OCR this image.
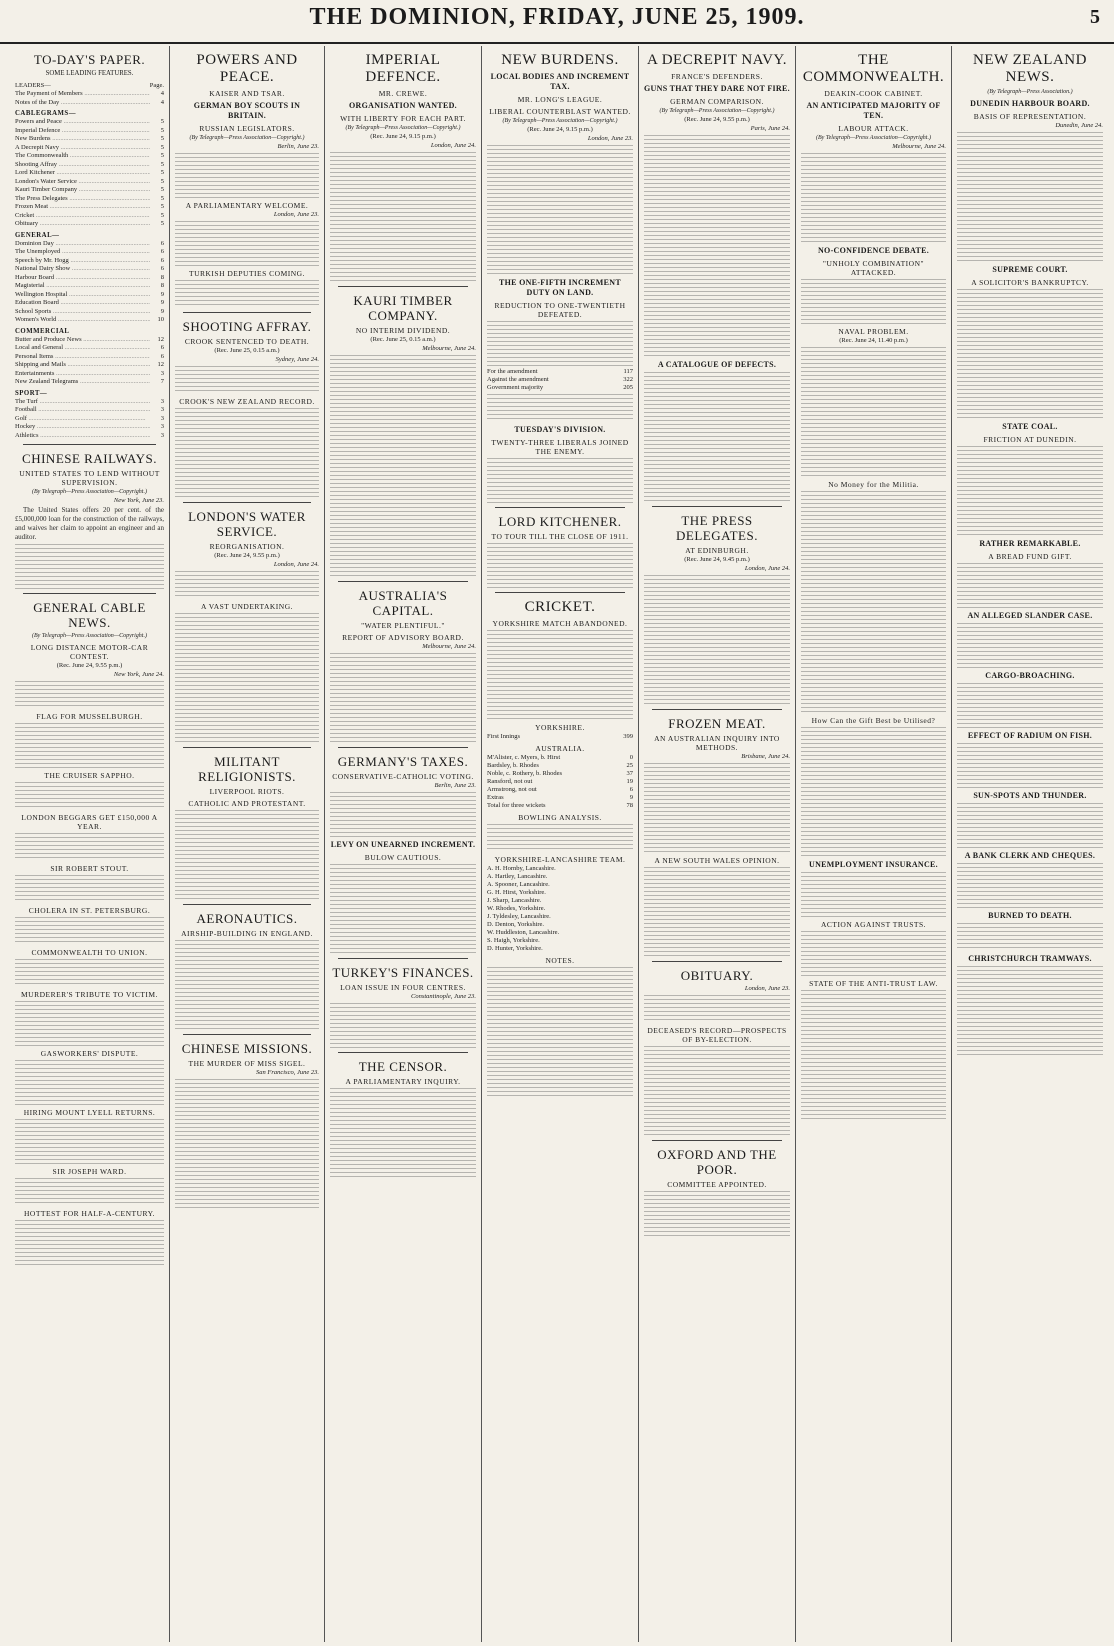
THE DOMINION, FRIDAY, JUNE 25, 1909.	5
TO-DAY'S PAPER.
SOME LEADING FEATURES.
LEADERS—	Page.
The Payment of Members .....	4
Notes of the Day .....	4
CABLEGRAMS—
Powers and Peace .....	5
Imperial Defence .....	5
New Burdens .....	5
A Decrepit Navy .....	5
The Commonwealth .....	5
Shooting Affray .....	5
Lord Kitchener .....	5
London's Water Service .....	5
Kauri Timber Company .....	5
The Press Delegates .....	5
Frozen Meat .....	5
Cricket .....	5
Obituary .....	5
GENERAL—
Dominion Day .....	6
The Unemployed .....	6
Speech by Mr. Hogg .....	6
National Dairy Show .....	6
Harbour Board .....	8
Magisterial .....	8
Wellington Hospital .....	9
Education Board .....	9
School Sports .....	9
Women's World .....	10
COMMERCIAL
Butter and Produce News .....	12
Local and General .....	6
Personal Items .....	6
Shipping and Mails .....	12
Entertainments .....	3
New Zealand Telegrams .....	7
SPORT—
The Turf .....	3
Football .....	3
Golf .....	3
Hockey .....	3
Athletics .....	3
CHINESE RAILWAYS.
UNITED STATES TO LEND WITHOUT SUPERVISION.
(By Telegraph—Press Association—Copyright.)
New York, June 23.

The United States offers 20 per cent. of the £5,000,000 loan for the construction of the railways, and waives her claim to appoint an engineer and an auditor.

GENERAL CABLE NEWS.
(By Telegraph—Press Association—Copyright.)
LONG DISTANCE MOTOR-CAR CONTEST.
(Rec. June 24, 9.55 p.m.)
New York, June 24.
FLAG FOR MUSSELBURGH.
THE CRUISER SAPPHO.
LONDON BEGGARS GET £150,000 A YEAR.
SIR ROBERT STOUT.
CHOLERA IN ST. PETERSBURG.
COMMONWEALTH TO UNION.
MURDERER'S TRIBUTE TO VICTIM.
GASWORKERS' DISPUTE.
HIRING MOUNT LYELL RETURNS.
SIR JOSEPH WARD.
HOTTEST FOR HALF-A-CENTURY.
POWERS AND PEACE.
KAISER AND TSAR.
GERMAN BOY SCOUTS IN BRITAIN.
RUSSIAN LEGISLATORS.
(By Telegraph—Press Association—Copyright.)
Berlin, June 23.
A PARLIAMENTARY WELCOME.
London, June 23.
TURKISH DEPUTIES COMING.
SHOOTING AFFRAY.
CROOK SENTENCED TO DEATH.
(Rec. June 25, 0.15 a.m.)
Sydney, June 24.
CROOK'S NEW ZEALAND RECORD.
LONDON'S WATER SERVICE.
REORGANISATION.
(Rec. June 24, 9.55 p.m.)
London, June 24.
A VAST UNDERTAKING.
MILITANT RELIGIONISTS.
LIVERPOOL RIOTS.
CATHOLIC AND PROTESTANT.
AERONAUTICS.
AIRSHIP-BUILDING IN ENGLAND.
CHINESE MISSIONS.
THE MURDER OF MISS SIGEL.
San Francisco, June 23.
IMPERIAL DEFENCE.
MR. CREWE.
ORGANISATION WANTED.
WITH LIBERTY FOR EACH PART.
(By Telegraph—Press Association—Copyright.)
(Rec. June 24, 9.15 p.m.)
London, June 24.
KAURI TIMBER COMPANY.
NO INTERIM DIVIDEND.
(Rec. June 25, 0.15 a.m.)
Melbourne, June 24.
AUSTRALIA'S CAPITAL.
"WATER PLENTIFUL."
REPORT OF ADVISORY BOARD.
Melbourne, June 24.
GERMANY'S TAXES.
CONSERVATIVE-CATHOLIC VOTING.
Berlin, June 23.
LEVY ON UNEARNED INCREMENT.
BULOW CAUTIOUS.
TURKEY'S FINANCES.
LOAN ISSUE IN FOUR CENTRES.
Constantinople, June 23.
THE CENSOR.
A PARLIAMENTARY INQUIRY.
NEW BURDENS.
LOCAL BODIES AND INCREMENT TAX.
MR. LONG'S LEAGUE.
LIBERAL COUNTERBLAST WANTED.
(By Telegraph—Press Association—Copyright.)
(Rec. June 24, 9.15 p.m.)
London, June 23.
THE ONE-FIFTH INCREMENT DUTY ON LAND.
REDUCTION TO ONE-TWENTIETH DEFEATED.
For the amendment	117
Against the amendment	322
Government majority	205
TUESDAY'S DIVISION.
TWENTY-THREE LIBERALS JOINED THE ENEMY.
LORD KITCHENER.
TO TOUR TILL THE CLOSE OF 1911.
CRICKET.
YORKSHIRE MATCH ABANDONED.
YORKSHIRE.
First Innings	399
AUSTRALIA.
M'Alister, c. Myers, b. Hirst	0
Bardsley, b. Rhodes	25
Noble, c. Rothery, b. Rhodes	37
Ransford, not out	19
Armstrong, not out	6
Extras	9
Total for three wickets	78
BOWLING ANALYSIS.
YORKSHIRE-LANCASHIRE TEAM.
A. H. Hornby, Lancashire.
A. Hartley, Lancashire.
A. Spooner, Lancashire.
G. H. Hirst, Yorkshire.
J. Sharp, Lancashire.
W. Rhodes, Yorkshire.
J. Tyldesley, Lancashire.
D. Denton, Yorkshire.
W. Huddleston, Lancashire.
S. Haigh, Yorkshire.
D. Hunter, Yorkshire.
NOTES.
A DECREPIT NAVY.
FRANCE'S DEFENDERS.
GUNS THAT THEY DARE NOT FIRE.
GERMAN COMPARISON.
(By Telegraph—Press Association—Copyright.)
(Rec. June 24, 9.55 p.m.)
Paris, June 24.
A CATALOGUE OF DEFECTS.
THE PRESS DELEGATES.
AT EDINBURGH.
(Rec. June 24, 9.45 p.m.)
London, June 24.
FROZEN MEAT.
AN AUSTRALIAN INQUIRY INTO METHODS.
Brisbane, June 24.
A NEW SOUTH WALES OPINION.
OBITUARY.
London, June 23.
DECEASED'S RECORD—PROSPECTS OF BY-ELECTION.
OXFORD AND THE POOR.
COMMITTEE APPOINTED.
THE COMMONWEALTH.
DEAKIN-COOK CABINET.
AN ANTICIPATED MAJORITY OF TEN.
LABOUR ATTACK.
(By Telegraph—Press Association—Copyright.)
Melbourne, June 24.
NO-CONFIDENCE DEBATE.
"UNHOLY COMBINATION" ATTACKED.
NAVAL PROBLEM.
(Rec. June 24, 11.40 p.m.)
No Money for the Militia.
How Can the Gift Best be Utilised?
UNEMPLOYMENT INSURANCE.
ACTION AGAINST TRUSTS.
STATE OF THE ANTI-TRUST LAW.
NEW ZEALAND NEWS.
(By Telegraph—Press Association.)
DUNEDIN HARBOUR BOARD.
BASIS OF REPRESENTATION.
Dunedin, June 24.
SUPREME COURT.
A SOLICITOR'S BANKRUPTCY.
STATE COAL.
FRICTION AT DUNEDIN.
RATHER REMARKABLE.
A BREAD FUND GIFT.
AN ALLEGED SLANDER CASE.
CARGO-BROACHING.
EFFECT OF RADIUM ON FISH.
SUN-SPOTS AND THUNDER.
A BANK CLERK AND CHEQUES.
BURNED TO DEATH.
CHRISTCHURCH TRAMWAYS.
